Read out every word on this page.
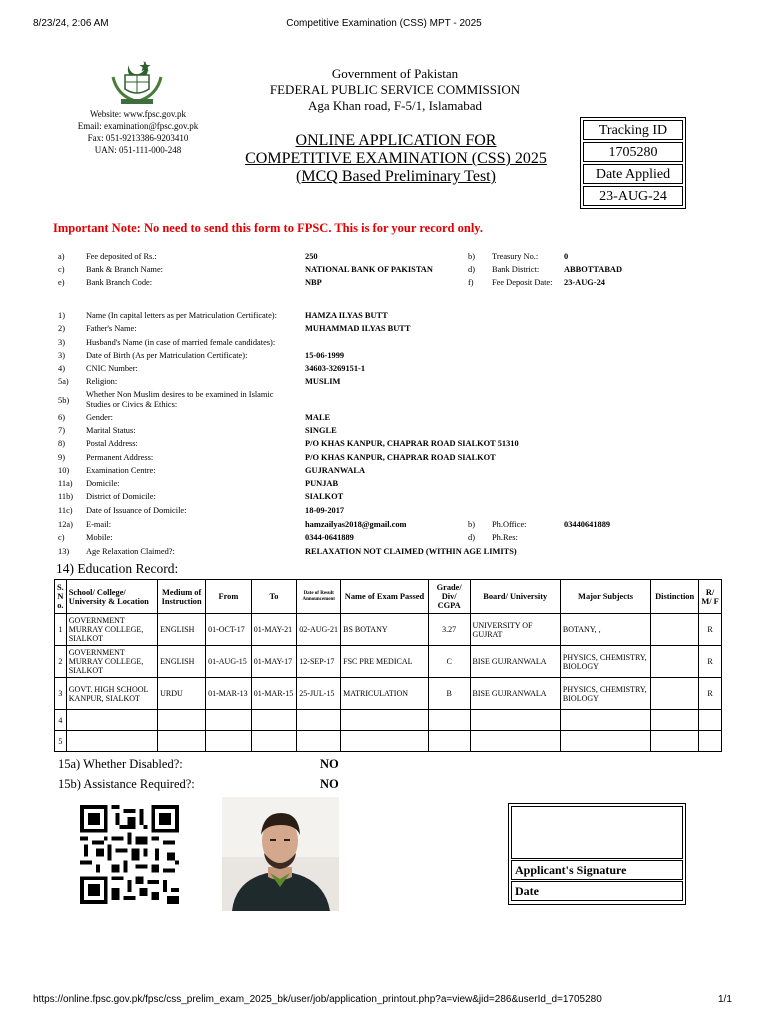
8/23/24, 2:06 AM	Competitive Examination (CSS) MPT - 2025
Website: www.fpsc.gov.pk
Email: examination@fpsc.gov.pk
Fax: 051-9213386-9203410
UAN: 051-111-000-248
Government of Pakistan
FEDERAL PUBLIC SERVICE COMMISSION
Aga Khan road, F-5/1, Islamabad
ONLINE APPLICATION FOR
COMPETITIVE EXAMINATION (CSS) 2025
(MCQ Based Preliminary Test)
Tracking ID
1705280
Date Applied
23-AUG-24
Important Note: No need to send this form to FPSC. This is for your record only.
a)	Fee deposited of Rs.:	250	b) Treasury No.:	0
c)	Bank & Branch Name:	NATIONAL BANK OF PAKISTAN	d) Bank District:	ABBOTTABAD
e)	Bank Branch Code:	NBP	f) Fee Deposit Date: 23-AUG-24
1)	Name (In capital letters as per Matriculation Certificate):	HAMZA ILYAS BUTT
2)	Father's Name:	MUHAMMAD ILYAS BUTT
3)	Husband's Name (in case of married female candidates):
3)	Date of Birth (As per Matriculation Certificate):	15-06-1999
4)	CNIC Number:	34603-3269151-1
5a) Religion:	MUSLIM
5b)
Whether Non Muslim desires to be examined in Islamic
Studies or Civics & Ethics:
6)	Gender:	MALE
7)	Marital Status:	SINGLE
8)	Postal Address:	P/O KHAS KANPUR, CHAPRAR ROAD SIALKOT 51310
9)	Permanent Address:	P/O KHAS KANPUR, CHAPRAR ROAD SIALKOT
10) Examination Centre:	GUJRANWALA
11a) Domicile:	PUNJAB
11b) District of Domicile:	SIALKOT
11c) Date of Issuance of Domicile:	18-09-2017
12a) E-mail:	hamzailyas2018@gmail.com	b) Ph.Office:	03440641889
c)	Mobile:	0344-0641889	d) Ph.Res:
13) Age Relaxation Claimed?:	RELAXATION NOT CLAIMED (WITHIN AGE LIMITS)
14) Education Record:
S. N o.	School/ College/ University & Location	Medium of Instruction	From	To	Date of Result Announcement	Name of Exam Passed	Grade/ Div/ CGPA	Board/ University	Major Subjects	Distinction	R/ M/ F
1	GOVERNMENT MURRAY COLLEGE, SIALKOT	ENGLISH	01-OCT-17	01-MAY-21	02-AUG-21	BS BOTANY	3.27	UNIVERSITY OF GUJRAT	BOTANY, ,		R
2	GOVERNMENT MURRAY COLLEGE, SIALKOT	ENGLISH	01-AUG-15	01-MAY-17	12-SEP-17	FSC PRE MEDICAL	C	BISE GUJRANWALA	PHYSICS, CHEMISTRY, BIOLOGY		R
3	GOVT. HIGH SCHOOL KANPUR, SIALKOT	URDU	01-MAR-13	01-MAR-15	25-JUL-15	MATRICULATION	B	BISE GUJRANWALA	PHYSICS, CHEMISTRY, BIOLOGY		R
4											
5											
15a) Whether Disabled?:	NO
15b) Assistance Required?:	NO
Applicant's Signature
Date
https://online.fpsc.gov.pk/fpsc/css_prelim_exam_2025_bk/user/job/application_printout.php?a=view&jid=286&userId_d=1705280	1/1
